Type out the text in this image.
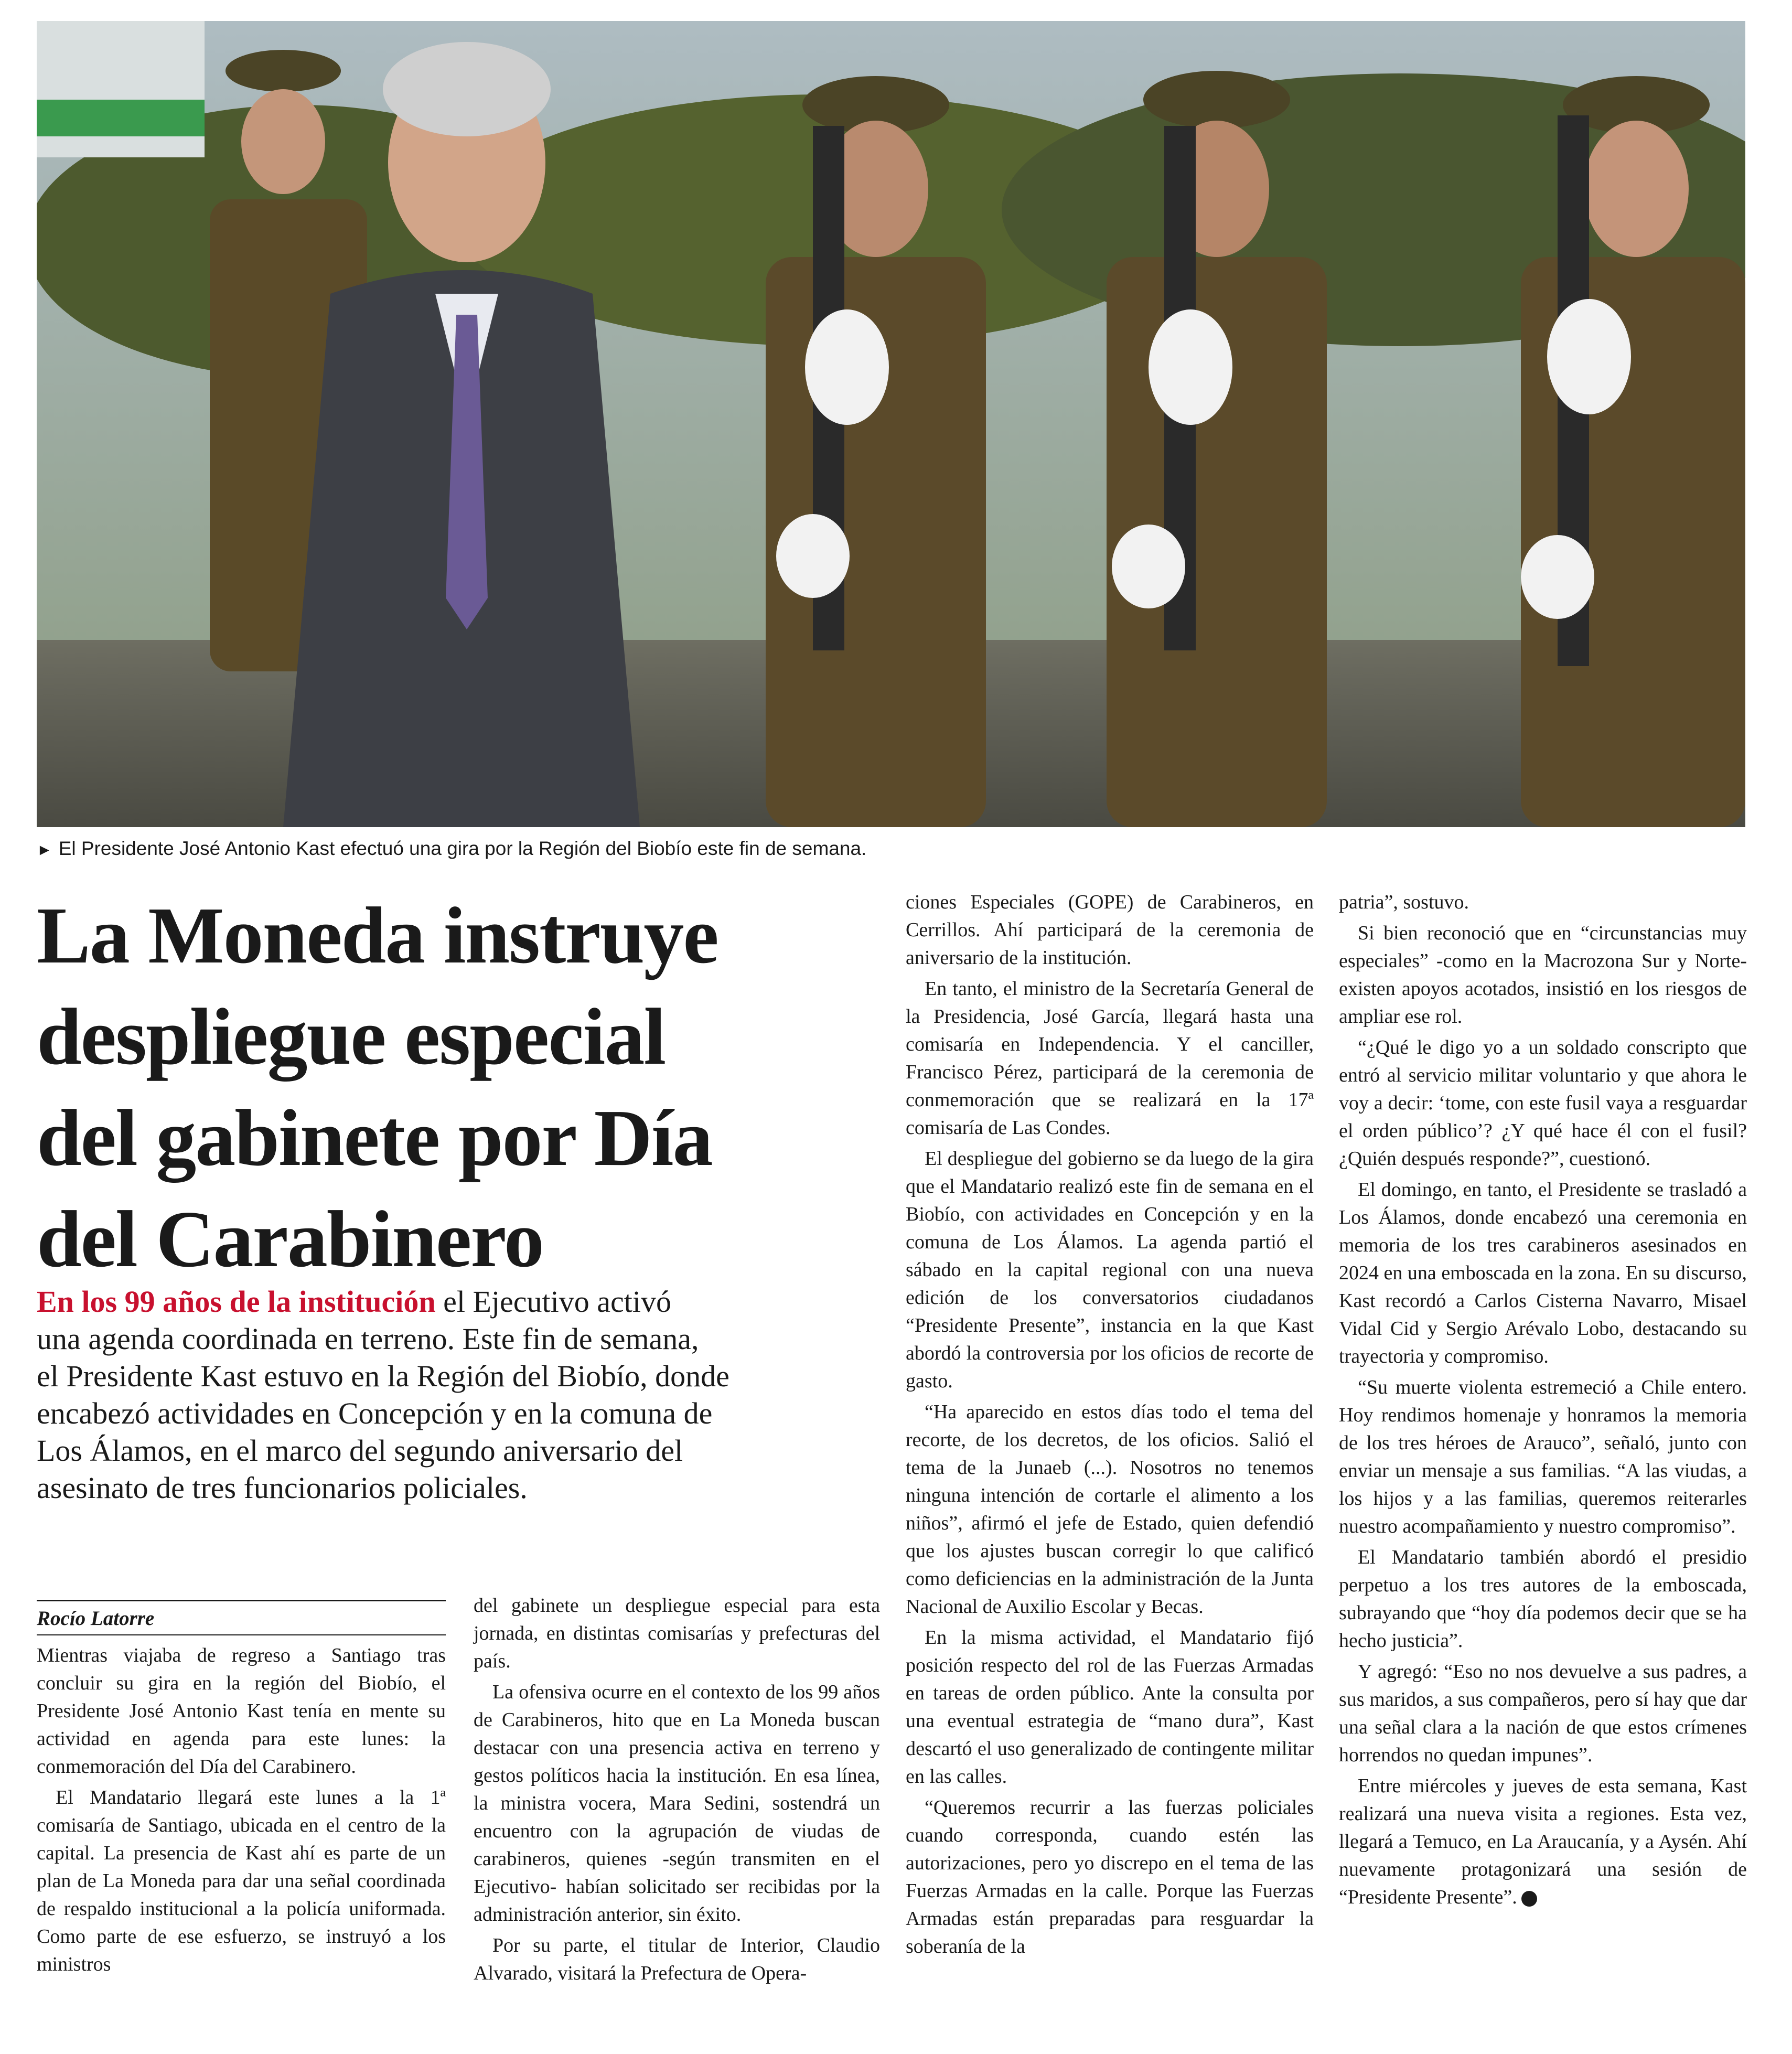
► El Presidente José Antonio Kast efectuó una gira por la Región del Biobío este fin de semana.
La Moneda instruye
despliegue especial
del gabinete por Día
del Carabinero
En los 99 años de la institución el Ejecutivo activó
una agenda coordinada en terreno. Este fin de semana,
el Presidente Kast estuvo en la Región del Biobío, donde
encabezó actividades en Concepción y en la comuna de
Los Álamos, en el marco del segundo aniversario del
asesinato de tres funcionarios policiales.
Rocío Latorre

Mientras viajaba de regreso a Santiago tras concluir su gira en la región del Biobío, el Presidente José Antonio Kast tenía en mente su actividad en agenda para este lunes: la conmemoración del Día del Carabinero.

El Mandatario llegará este lunes a la 1ª comisaría de Santiago, ubicada en el centro de la capital. La presencia de Kast ahí es parte de un plan de La Moneda para dar una señal coordinada de respaldo institucional a la policía uniformada. Como parte de ese esfuerzo, se instruyó a los ministros

del gabinete un despliegue especial para esta jornada, en distintas comisarías y prefecturas del país.

La ofensiva ocurre en el contexto de los 99 años de Carabineros, hito que en La Moneda buscan destacar con una presencia activa en terreno y gestos políticos hacia la institución. En esa línea, la ministra vocera, Mara Sedini, sostendrá un encuentro con la agrupación de viudas de carabineros, quienes -según transmiten en el Ejecutivo- habían solicitado ser recibidas por la administración anterior, sin éxito.

Por su parte, el titular de Interior, Claudio Alvarado, visitará la Prefectura de Opera-

ciones Especiales (GOPE) de Carabineros, en Cerrillos. Ahí participará de la ceremonia de aniversario de la institución.

En tanto, el ministro de la Secretaría General de la Presidencia, José García, llegará hasta una comisaría en Independencia. Y el canciller, Francisco Pérez, participará de la ceremonia de conmemoración que se realizará en la 17ª comisaría de Las Condes.

El despliegue del gobierno se da luego de la gira que el Mandatario realizó este fin de semana en el Biobío, con actividades en Concepción y en la comuna de Los Álamos. La agenda partió el sábado en la capital regional con una nueva edición de los conversatorios ciudadanos “Presidente Presente”, instancia en la que Kast abordó la controversia por los oficios de recorte de gasto.

“Ha aparecido en estos días todo el tema del recorte, de los decretos, de los oficios. Salió el tema de la Junaeb (...). Nosotros no tenemos ninguna intención de cortarle el alimento a los niños”, afirmó el jefe de Estado, quien defendió que los ajustes buscan corregir lo que calificó como deficiencias en la administración de la Junta Nacional de Auxilio Escolar y Becas.

En la misma actividad, el Mandatario fijó posición respecto del rol de las Fuerzas Armadas en tareas de orden público. Ante la consulta por una eventual estrategia de “mano dura”, Kast descartó el uso generalizado de contingente militar en las calles.

“Queremos recurrir a las fuerzas policiales cuando corresponda, cuando estén las autorizaciones, pero yo discrepo en el tema de las Fuerzas Armadas en la calle. Porque las Fuerzas Armadas están preparadas para resguardar la soberanía de la

patria”, sostuvo.

Si bien reconoció que en “circunstancias muy especiales” -como en la Macrozona Sur y Norte- existen apoyos acotados, insistió en los riesgos de ampliar ese rol.

“¿Qué le digo yo a un soldado conscripto que entró al servicio militar voluntario y que ahora le voy a decir: ‘tome, con este fusil vaya a resguardar el orden público’? ¿Y qué hace él con el fusil? ¿Quién después responde?”, cuestionó.

El domingo, en tanto, el Presidente se trasladó a Los Álamos, donde encabezó una ceremonia en memoria de los tres carabineros asesinados en 2024 en una emboscada en la zona. En su discurso, Kast recordó a Carlos Cisterna Navarro, Misael Vidal Cid y Sergio Arévalo Lobo, destacando su trayectoria y compromiso.

“Su muerte violenta estremeció a Chile entero. Hoy rendimos homenaje y honramos la memoria de los tres héroes de Arauco”, señaló, junto con enviar un mensaje a sus familias. “A las viudas, a los hijos y a las familias, queremos reiterarles nuestro acompañamiento y nuestro compromiso”.

El Mandatario también abordó el presidio perpetuo a los tres autores de la emboscada, subrayando que “hoy día podemos decir que se ha hecho justicia”.

Y agregó: “Eso no nos devuelve a sus padres, a sus maridos, a sus compañeros, pero sí hay que dar una señal clara a la nación de que estos crímenes horrendos no quedan impunes”.

Entre miércoles y jueves de esta semana, Kast realizará una nueva visita a regiones. Esta vez, llegará a Temuco, en La Araucanía, y a Aysén. Ahí nuevamente protagonizará una sesión de “Presidente Presente”.
